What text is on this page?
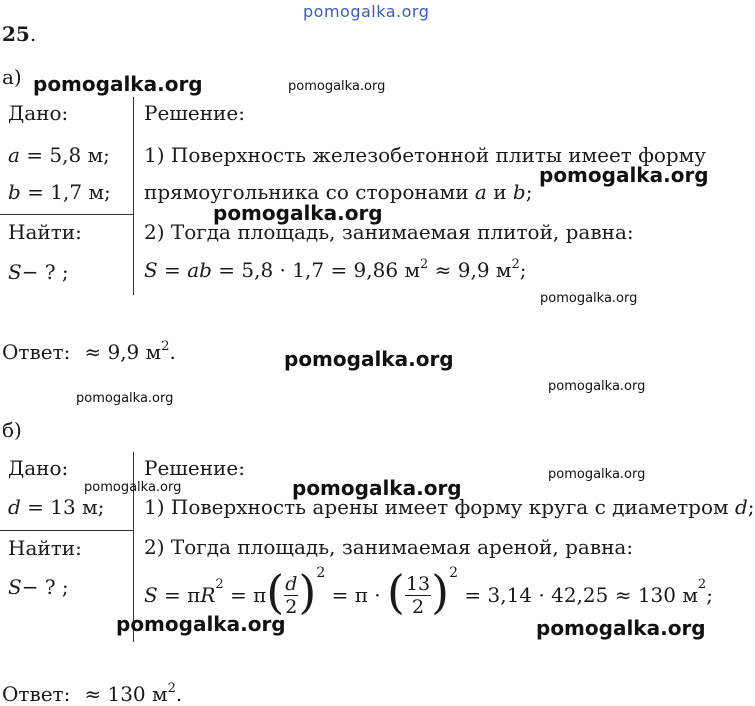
pomogalka.org
25.
а)
Дано:
a = 5,8 м;
b = 1,7 м;
Найти:
S− ? ;
Решение:
1) Поверхность железобетонной плиты имеет форму
прямоугольника со сторонами a и b;
2) Тогда площадь, занимаемая плитой, равна:
S = ab = 5,8 · 1,7 = 9,86 $м^2 \approx 9,9$ $м^2$;
Ответ: ≈ 9,9 $м^2$.
б)
Дано:
d = 13 м;
Найти:
S− ? ;
Решение:
1) Поверхность арены имеет форму круга с диаметром d;
2) Тогда площадь, занимаемая ареной, равна:
S = π $R^2 = \pi$ ( $\frac{d}{2}$ ) 2
= π · ( $\frac{13}{2}$ ) 2
= 3,14 · 42,25 ≈ 130 $м^2$ ;
Ответ: ≈ 130 $м^2$.
pomogalka.org	pomogalka.org
pomogalka.org
pomogalka.org
pomogalka.org
pomogalka.org
pomogalka.org
pomogalka.org
pomogalka.org
pomogalka.org
pomogalka.org
pomogalka.org	pomogalka.org
